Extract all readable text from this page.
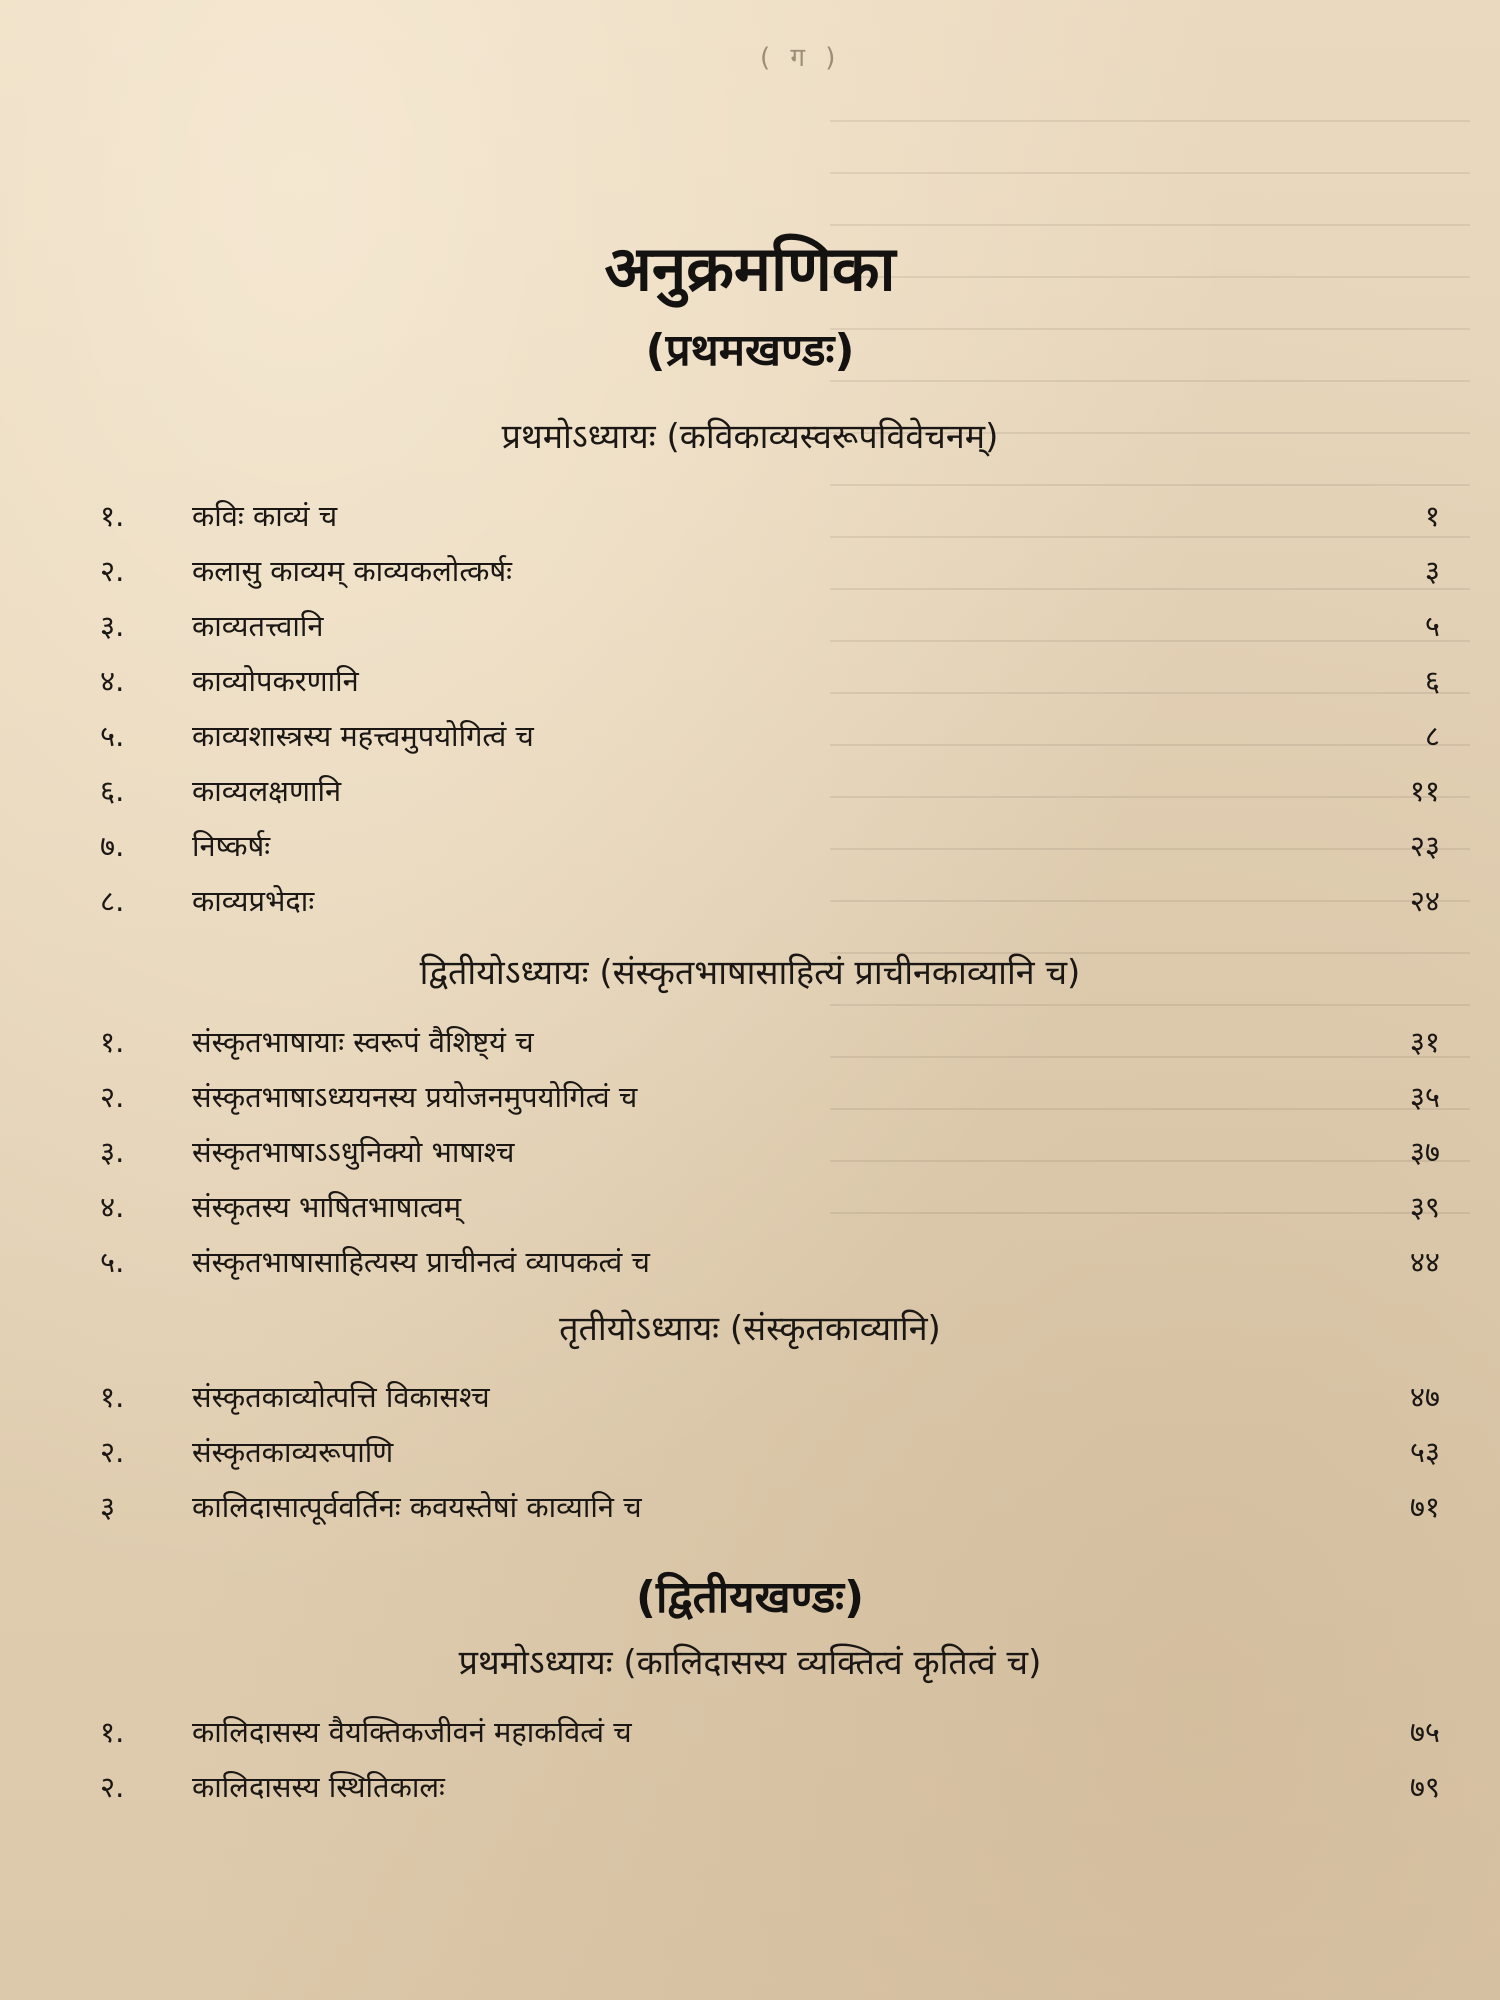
( ग )
अनुक्रमणिका
(प्रथमखण्डः)
प्रथमोऽध्यायः (कविकाव्यस्वरूपविवेचनम्)
१.	कविः काव्यं च	१
२.	कलासु काव्यम् काव्यकलोत्कर्षः	३
३.	काव्यतत्त्वानि	५
४.	काव्योपकरणानि	६
५.	काव्यशास्त्रस्य महत्त्वमुपयोगित्वं च	८
६.	काव्यलक्षणानि	११
७.	निष्कर्षः	२३
८.	काव्यप्रभेदाः	२४
द्वितीयोऽध्यायः (संस्कृतभाषासाहित्यं प्राचीनकाव्यानि च)
१.	संस्कृतभाषायाः स्वरूपं वैशिष्ट्यं च	३१
२.	संस्कृतभाषाऽध्ययनस्य प्रयोजनमुपयोगित्वं च	३५
३.	संस्कृतभाषाऽऽधुनिक्यो भाषाश्च	३७
४.	संस्कृतस्य भाषितभाषात्वम्	३९
५.	संस्कृतभाषासाहित्यस्य प्राचीनत्वं व्यापकत्वं च	४४
तृतीयोऽध्यायः (संस्कृतकाव्यानि)
१.	संस्कृतकाव्योत्पत्ति विकासश्च	४७
२.	संस्कृतकाव्यरूपाणि	५३
३	कालिदासात्पूर्ववर्तिनः कवयस्तेषां काव्यानि च	७१
(द्वितीयखण्डः)
प्रथमोऽध्यायः (कालिदासस्य व्यक्तित्वं कृतित्वं च)
१.	कालिदासस्य वैयक्तिकजीवनं महाकवित्वं च	७५
२.	कालिदासस्य स्थितिकालः	७९
